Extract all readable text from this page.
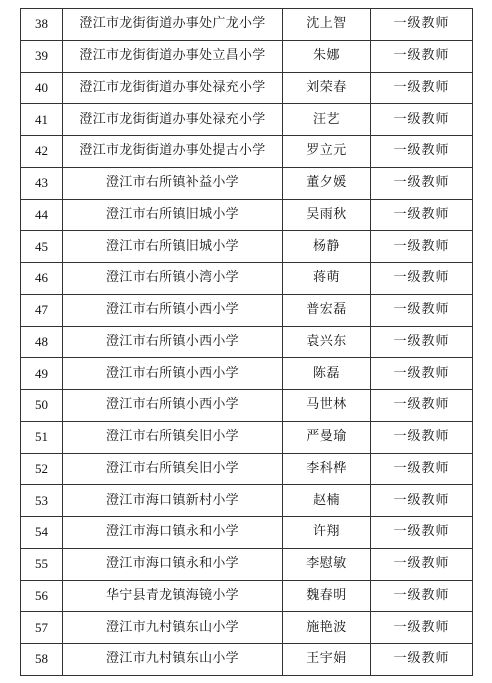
38	澄江市龙街街道办事处广龙小学	沈上智	一级教师
39	澄江市龙街街道办事处立昌小学	朱娜	一级教师
40	澄江市龙街街道办事处禄充小学	刘荣春	一级教师
41	澄江市龙街街道办事处禄充小学	汪艺	一级教师
42	澄江市龙街街道办事处提古小学	罗立元	一级教师
43	澄江市右所镇补益小学	董夕媛	一级教师
44	澄江市右所镇旧城小学	吴雨秋	一级教师
45	澄江市右所镇旧城小学	杨静	一级教师
46	澄江市右所镇小湾小学	蒋萌	一级教师
47	澄江市右所镇小西小学	普宏磊	一级教师
48	澄江市右所镇小西小学	袁兴东	一级教师
49	澄江市右所镇小西小学	陈磊	一级教师
50	澄江市右所镇小西小学	马世林	一级教师
51	澄江市右所镇矣旧小学	严曼瑜	一级教师
52	澄江市右所镇矣旧小学	李科桦	一级教师
53	澄江市海口镇新村小学	赵楠	一级教师
54	澄江市海口镇永和小学	许翔	一级教师
55	澄江市海口镇永和小学	李慰敏	一级教师
56	华宁县青龙镇海镜小学	魏春明	一级教师
57	澄江市九村镇东山小学	施艳波	一级教师
58	澄江市九村镇东山小学	王宇娟	一级教师
